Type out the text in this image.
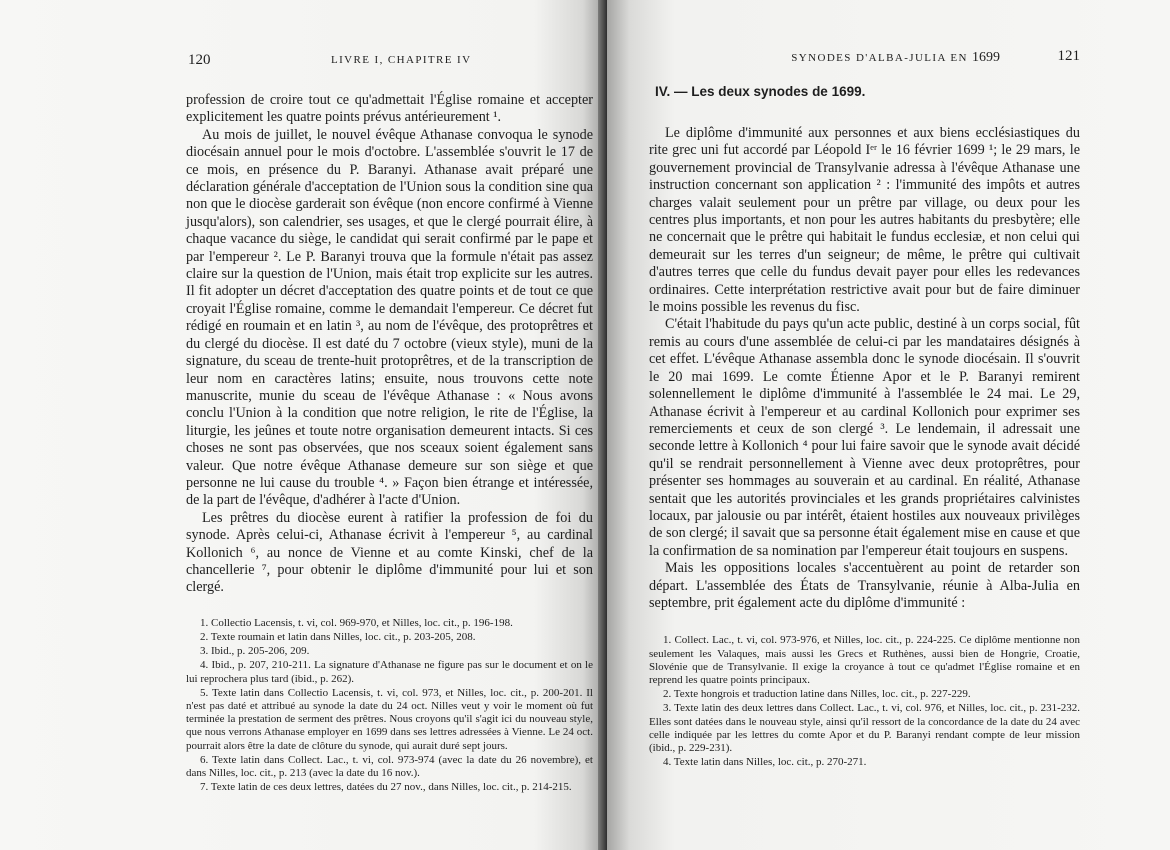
120	LIVRE I, CHAPITRE IV

profession de croire tout ce qu'admettait l'Église romaine et accepter explicitement les quatre points prévus antérieurement ¹.

Au mois de juillet, le nouvel évêque Athanase convoqua le synode diocésain annuel pour le mois d'octobre. L'assemblée s'ouvrit le 17 de ce mois, en présence du P. Baranyi. Athanase avait préparé une déclaration générale d'acceptation de l'Union sous la condition sine qua non que le diocèse garderait son évêque (non encore confirmé à Vienne jusqu'alors), son calendrier, ses usages, et que le clergé pourrait élire, à chaque vacance du siège, le candidat qui serait confirmé par le pape et par l'empereur ². Le P. Baranyi trouva que la formule n'était pas assez claire sur la question de l'Union, mais était trop explicite sur les autres. Il fit adopter un décret d'acceptation des quatre points et de tout ce que croyait l'Église romaine, comme le demandait l'empereur. Ce décret fut rédigé en roumain et en latin ³, au nom de l'évêque, des protoprêtres et du clergé du diocèse. Il est daté du 7 octobre (vieux style), muni de la signature, du sceau de trente-huit protoprêtres, et de la transcription de leur nom en caractères latins; ensuite, nous trouvons cette note manuscrite, munie du sceau de l'évêque Athanase : « Nous avons conclu l'Union à la condition que notre religion, le rite de l'Église, la liturgie, les jeûnes et toute notre organisation demeurent intacts. Si ces choses ne sont pas observées, que nos sceaux soient également sans valeur. Que notre évêque Athanase demeure sur son siège et que personne ne lui cause du trouble ⁴. » Façon bien étrange et intéressée, de la part de l'évêque, d'adhérer à l'acte d'Union.

Les prêtres du diocèse eurent à ratifier la profession de foi du synode. Après celui-ci, Athanase écrivit à l'empereur ⁵, au cardinal Kollonich ⁶, au nonce de Vienne et au comte Kinski, chef de la chancellerie ⁷, pour obtenir le diplôme d'immunité pour lui et son clergé.

1. Collectio Lacensis, t. vi, col. 969-970, et Nilles, loc. cit., p. 196-198.

2. Texte roumain et latin dans Nilles, loc. cit., p. 203-205, 208.

3. Ibid., p. 205-206, 209.

4. Ibid., p. 207, 210-211. La signature d'Athanase ne figure pas sur le document et on le lui reprochera plus tard (ibid., p. 262).

5. Texte latin dans Collectio Lacensis, t. vi, col. 973, et Nilles, loc. cit., p. 200-201. Il n'est pas daté et attribué au synode la date du 24 oct. Nilles veut y voir le moment où fut terminée la prestation de serment des prêtres. Nous croyons qu'il s'agit ici du nouveau style, que nous verrons Athanase employer en 1699 dans ses lettres adressées à Vienne. Le 24 oct. pourrait alors être la date de clôture du synode, qui aurait duré sept jours.

6. Texte latin dans Collect. Lac., t. vi, col. 973-974 (avec la date du 26 novembre), et dans Nilles, loc. cit., p. 213 (avec la date du 16 nov.).

7. Texte latin de ces deux lettres, datées du 27 nov., dans Nilles, loc. cit., p. 214-215.

SYNODES D'ALBA-JULIA EN 1699	121
IV. — Les deux synodes de 1699.

Le diplôme d'immunité aux personnes et aux biens ecclésiastiques du rite grec uni fut accordé par Léopold Iᵉʳ le 16 février 1699 ¹; le 29 mars, le gouvernement provincial de Transylvanie adressa à l'évêque Athanase une instruction concernant son application ² : l'immunité des impôts et autres charges valait seulement pour un prêtre par village, ou deux pour les centres plus importants, et non pour les autres habitants du presbytère; elle ne concernait que le prêtre qui habitait le fundus ecclesiæ, et non celui qui demeurait sur les terres d'un seigneur; de même, le prêtre qui cultivait d'autres terres que celle du fundus devait payer pour elles les redevances ordinaires. Cette interprétation restrictive avait pour but de faire diminuer le moins possible les revenus du fisc.

C'était l'habitude du pays qu'un acte public, destiné à un corps social, fût remis au cours d'une assemblée de celui-ci par les mandataires désignés à cet effet. L'évêque Athanase assembla donc le synode diocésain. Il s'ouvrit le 20 mai 1699. Le comte Étienne Apor et le P. Baranyi remirent solennellement le diplôme d'immunité à l'assemblée le 24 mai. Le 29, Athanase écrivit à l'empereur et au cardinal Kollonich pour exprimer ses remerciements et ceux de son clergé ³. Le lendemain, il adressait une seconde lettre à Kollonich ⁴ pour lui faire savoir que le synode avait décidé qu'il se rendrait personnellement à Vienne avec deux protoprêtres, pour présenter ses hommages au souverain et au cardinal. En réalité, Athanase sentait que les autorités provinciales et les grands propriétaires calvinistes locaux, par jalousie ou par intérêt, étaient hostiles aux nouveaux privilèges de son clergé; il savait que sa personne était également mise en cause et que la confirmation de sa nomination par l'empereur était toujours en suspens.

Mais les oppositions locales s'accentuèrent au point de retarder son départ. L'assemblée des États de Transylvanie, réunie à Alba-Julia en septembre, prit également acte du diplôme d'immunité :

1. Collect. Lac., t. vi, col. 973-976, et Nilles, loc. cit., p. 224-225. Ce diplôme mentionne non seulement les Valaques, mais aussi les Grecs et Ruthènes, aussi bien de Hongrie, Croatie, Slovénie que de Transylvanie. Il exige la croyance à tout ce qu'admet l'Église romaine et en reprend les quatre points principaux.

2. Texte hongrois et traduction latine dans Nilles, loc. cit., p. 227-229.

3. Texte latin des deux lettres dans Collect. Lac., t. vi, col. 976, et Nilles, loc. cit., p. 231-232. Elles sont datées dans le nouveau style, ainsi qu'il ressort de la concordance de la date du 24 avec celle indiquée par les lettres du comte Apor et du P. Baranyi rendant compte de leur mission (ibid., p. 229-231).

4. Texte latin dans Nilles, loc. cit., p. 270-271.
